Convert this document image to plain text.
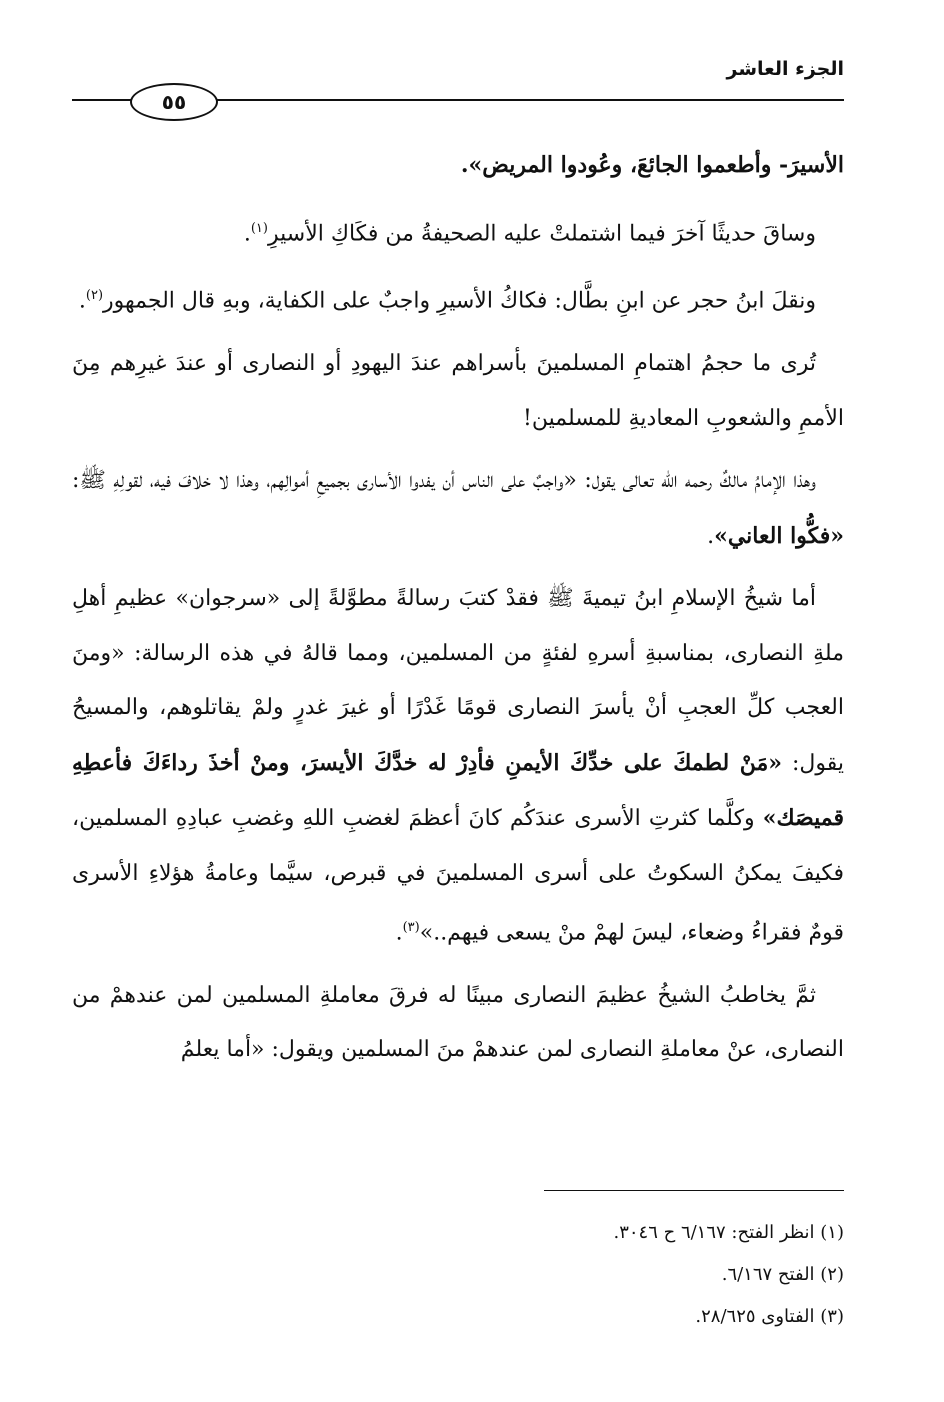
الجزء العاشر
٥٥

الأسيرَ- وأطعموا الجائعَ، وعُودوا المريض».

وساقَ حديثًا آخرَ فيما اشتملتْ عليه الصحيفةُ من فكَاكِ الأسيرِ$^{(١)}$.

ونقلَ ابنُ حجر عن ابنِ بطَّال: فكاكُ الأسيرِ واجبٌ على الكفاية، وبهِ قال الجمهور$^{(٢)}$.

تُرى ما حجمُ اهتمامِ المسلمينَ بأسراهم عندَ اليهودِ أو النصارى أو عندَ غيرِهم مِنَ الأممِ والشعوبِ المعاديةِ للمسلمين!

وهذا الإمامُ مالكٌ رحمه الله تعالى يقول: «واجبٌ على الناس أن يفدوا الأسارى بجميعِ أموالِهم، وهذا لا خلافَ فيه، لقولِهِ ﷺ: «فكُّوا العاني».

أما شيخُ الإسلامِ ابنُ تيميةَ ﷺ فقدْ كتبَ رسالةً مطوَّلةً إلى «سرجوان» عظيمِ أهلِ ملةِ النصارى، بمناسبةِ أسرهِ لفئةٍ من المسلمين، ومما قالهُ في هذه الرسالة: «ومنَ العجب كلِّ العجبِ أنْ يأسرَ النصارى قومًا غَدْرًا أو غيرَ غدرٍ ولمْ يقاتلوهم، والمسيحُ يقول: «مَنْ لطمكَ على خدِّكَ الأيمنِ فأدِرْ له خدَّكَ الأيسرَ، ومنْ أخذَ رداءَكَ فأعطِهِ قميصَك» وكلَّما كثرتِ الأسرى عندَكُم كانَ أعظمَ لغضبِ اللهِ وغضبِ عبادِهِ المسلمين، فكيفَ يمكنُ السكوتُ على أسرى المسلمينَ في قبرص، سيَّما وعامةُ هؤلاءِ الأسرى قومٌ فقراءُ وضعاء، ليسَ لهمْ منْ يسعى فيهم..»$^{(٣)}$.

ثمَّ يخاطبُ الشيخُ عظيمَ النصارى مبينًا له فرقَ معاملةِ المسلمين لمن عندهمْ من النصارى، عنْ معاملةِ النصارى لمن عندهمْ منَ المسلمين ويقول: «أما يعلمُ

(١) انظر الفتح: ٦/١٦٧ ح ٣٠٤٦.
(٢) الفتح ٦/١٦٧.
(٣) الفتاوى ٢٨/٦٢٥.
